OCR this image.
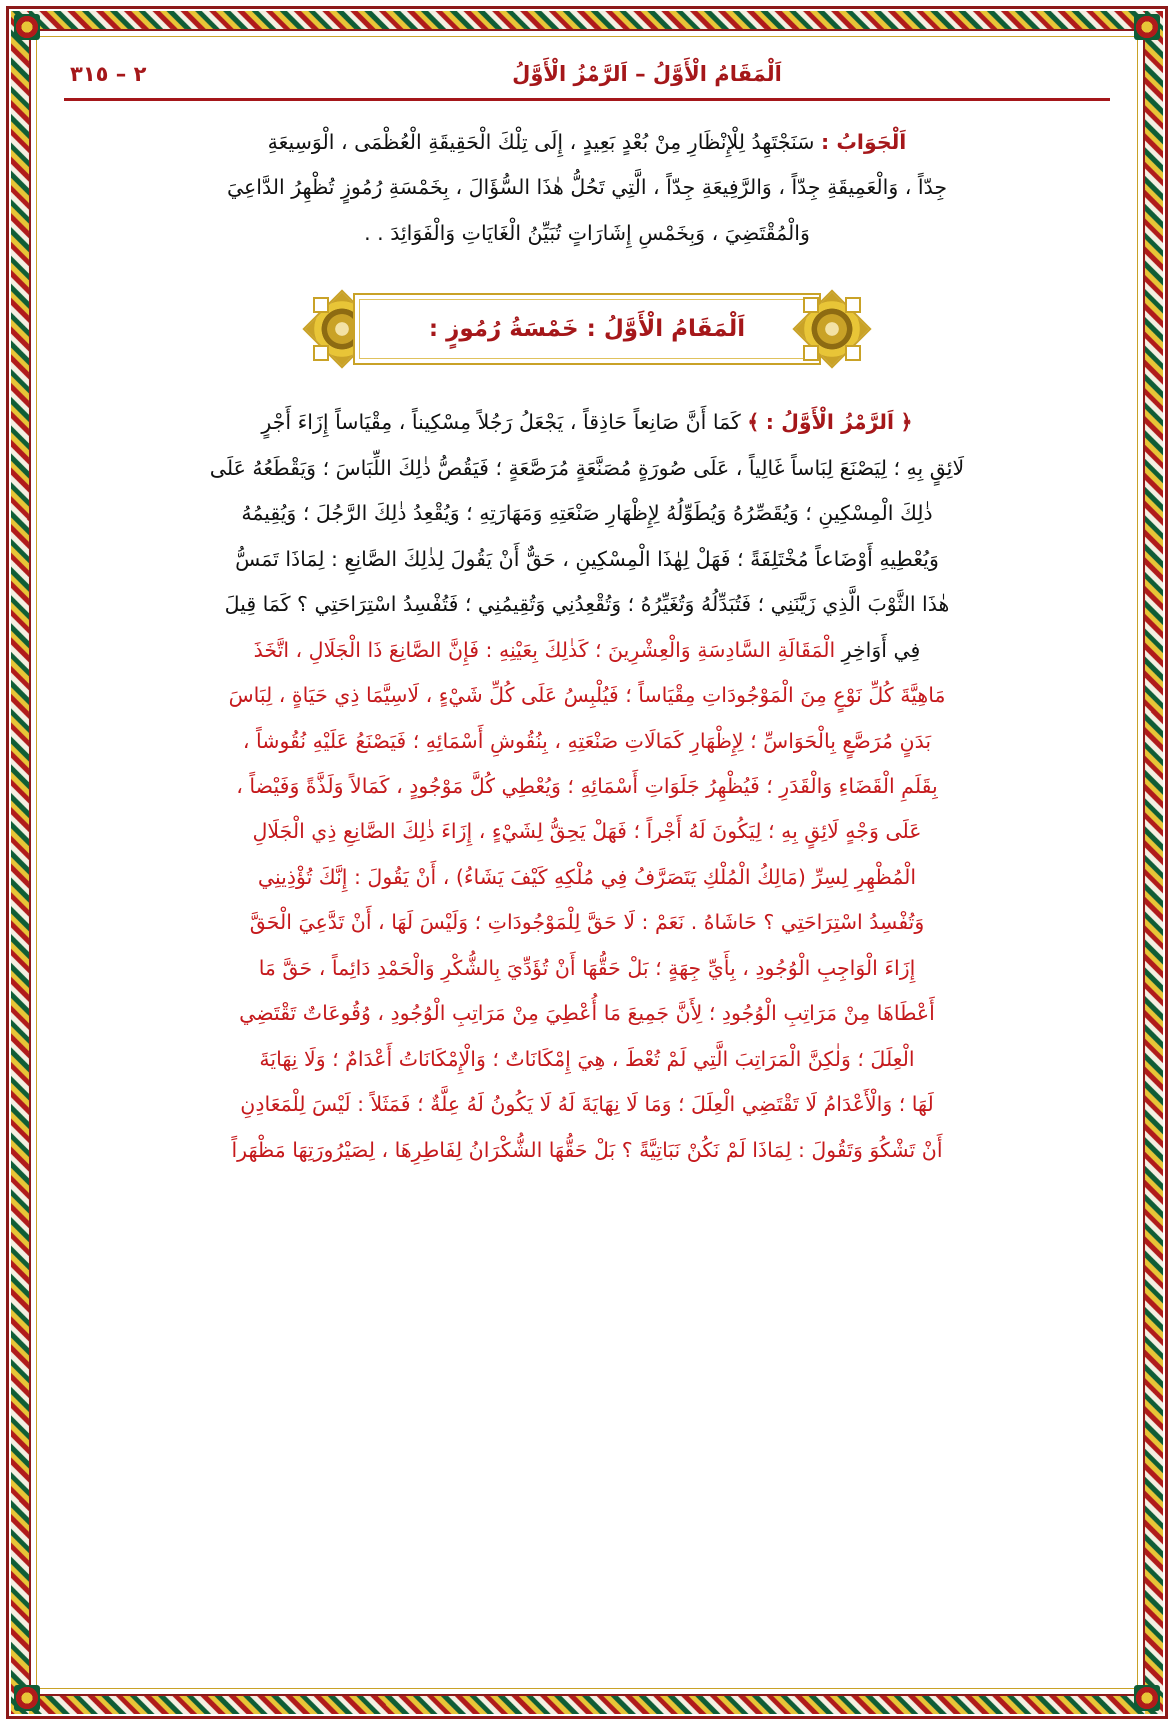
اَلْمَقَامُ الْأَوَّلُ – اَلرَّمْزُ الْأَوَّلُ
٢ – ٣١٥

اَلْجَوَابُ : سَنَجْتَهِدُ لِلْإِنْظَارِ مِنْ بُعْدٍ بَعِيدٍ ، إِلَى تِلْكَ الْحَقِيقَةِ الْعُظْمَى ، الْوَسِيعَةِ

جِدّاً ، وَالْعَمِيقَةِ جِدّاً ، وَالرَّفِيعَةِ جِدّاً ، الَّتِي تَحُلُّ هٰذَا السُّؤَالَ ، بِخَمْسَةِ رُمُوزٍ تُظْهِرُ الدَّاعِيَ

وَالْمُقْتَضِيَ ، وَبِخَمْسِ إِشَارَاتٍ تُبَيِّنُ الْغَايَاتِ وَالْفَوَائِدَ . .

اَلْمَقَامُ الْأَوَّلُ : خَمْسَةُ رُمُوزٍ :

﴿ اَلرَّمْزُ الْأَوَّلُ : ﴾ كَمَا أَنَّ صَانِعاً حَاذِقاً ، يَجْعَلُ رَجُلاً مِسْكِيناً ، مِقْيَاساً إِزَاءَ أَجْرٍ

لَائِقٍ بِهِ ؛ لِيَصْنَعَ لِبَاساً غَالِياً ، عَلَى صُورَةٍ مُصَنَّعَةٍ مُرَصَّعَةٍ ؛ فَيَقُصُّ ذٰلِكَ اللِّبَاسَ ؛ وَيَقْطَعُهُ عَلَى

ذٰلِكَ الْمِسْكِينِ ؛ وَيُقَصِّرُهُ وَيُطَوِّلُهُ لِإِظْهَارِ صَنْعَتِهِ وَمَهَارَتِهِ ؛ وَيُقْعِدُ ذٰلِكَ الرَّجُلَ ؛ وَيُقِيمُهُ

وَيُعْطِيهِ أَوْضَاعاً مُخْتَلِفَةً ؛ فَهَلْ لِهٰذَا الْمِسْكِينِ ، حَقٌّ أَنْ يَقُولَ لِذٰلِكَ الصَّانِعِ : لِمَاذَا تَمَسُّ

هٰذَا الثَّوْبَ الَّذِي زَيَّنَنِي ؛ فَتُبَدِّلُهُ وَتُغَيِّرُهُ ؛ وَتُقْعِدُنِي وَتُقِيمُنِي ؛ فَتُفْسِدُ اسْتِرَاحَتِي ؟ كَمَا قِيلَ

فِي أَوَاخِرِ الْمَقَالَةِ السَّادِسَةِ وَالْعِشْرِينَ ؛ كَذٰلِكَ بِعَيْنِهِ : فَإِنَّ الصَّانِعَ ذَا الْجَلَالِ ، اتَّخَذَ

مَاهِيَّةَ كُلِّ نَوْعٍ مِنَ الْمَوْجُودَاتِ مِقْيَاساً ؛ فَيُلْبِسُ عَلَى كُلِّ شَيْءٍ ، لَاسِيَّمَا ذِي حَيَاةٍ ، لِبَاسَ

بَدَنٍ مُرَصَّعٍ بِالْحَوَاسِّ ؛ لِإِظْهَارِ كَمَالَاتِ صَنْعَتِهِ ، بِنُقُوشِ أَسْمَائِهِ ؛ فَيَصْنَعُ عَلَيْهِ نُقُوشاً ،

بِقَلَمِ الْقَضَاءِ وَالْقَدَرِ ؛ فَيُظْهِرُ جَلَوَاتِ أَسْمَائِهِ ؛ وَيُعْطِي كُلَّ مَوْجُودٍ ، كَمَالاً وَلَذَّةً وَفَيْضاً ،

عَلَى وَجْهٍ لَائِقٍ بِهِ ؛ لِيَكُونَ لَهُ أَجْراً ؛ فَهَلْ يَحِقُّ لِشَيْءٍ ، إِزَاءَ ذٰلِكَ الصَّانِعِ ذِي الْجَلَالِ

الْمُظْهِرِ لِسِرِّ (مَالِكُ الْمُلْكِ يَتَصَرَّفُ فِي مُلْكِهِ كَيْفَ يَشَاءُ) ، أَنْ يَقُولَ : إِنَّكَ تُؤْذِينِي

وَتُفْسِدُ اسْتِرَاحَتِي ؟ حَاشَاهُ . نَعَمْ : لَا حَقَّ لِلْمَوْجُودَاتِ ؛ وَلَيْسَ لَهَا ، أَنْ تَدَّعِيَ الْحَقَّ

إِزَاءَ الْوَاجِبِ الْوُجُودِ ، بِأَيِّ جِهَةٍ ؛ بَلْ حَقُّهَا أَنْ تُؤَدِّيَ بِالشُّكْرِ وَالْحَمْدِ دَائِماً ، حَقَّ مَا

أَعْطَاهَا مِنْ مَرَاتِبِ الْوُجُودِ ؛ لِأَنَّ جَمِيعَ مَا أُعْطِيَ مِنْ مَرَاتِبِ الْوُجُودِ ، وُقُوعَاتٌ تَقْتَضِي

الْعِلَلَ ؛ وَلٰكِنَّ الْمَرَاتِبَ الَّتِي لَمْ تُعْطَ ، هِيَ إِمْكَانَاتٌ ؛ وَالْإِمْكَانَاتُ أَعْدَامٌ ؛ وَلَا نِهَايَةَ

لَهَا ؛ وَالْأَعْدَامُ لَا تَقْتَضِي الْعِلَلَ ؛ وَمَا لَا نِهَايَةَ لَهُ لَا يَكُونُ لَهُ عِلَّةٌ ؛ فَمَثَلاً : لَيْسَ لِلْمَعَادِنِ

أَنْ تَشْكُوَ وَتَقُولَ : لِمَاذَا لَمْ نَكُنْ نَبَاتِيَّةً ؟ بَلْ حَقُّهَا الشُّكْرَانُ لِفَاطِرِهَا ، لِصَيْرُورَتِهَا مَظْهَراً
